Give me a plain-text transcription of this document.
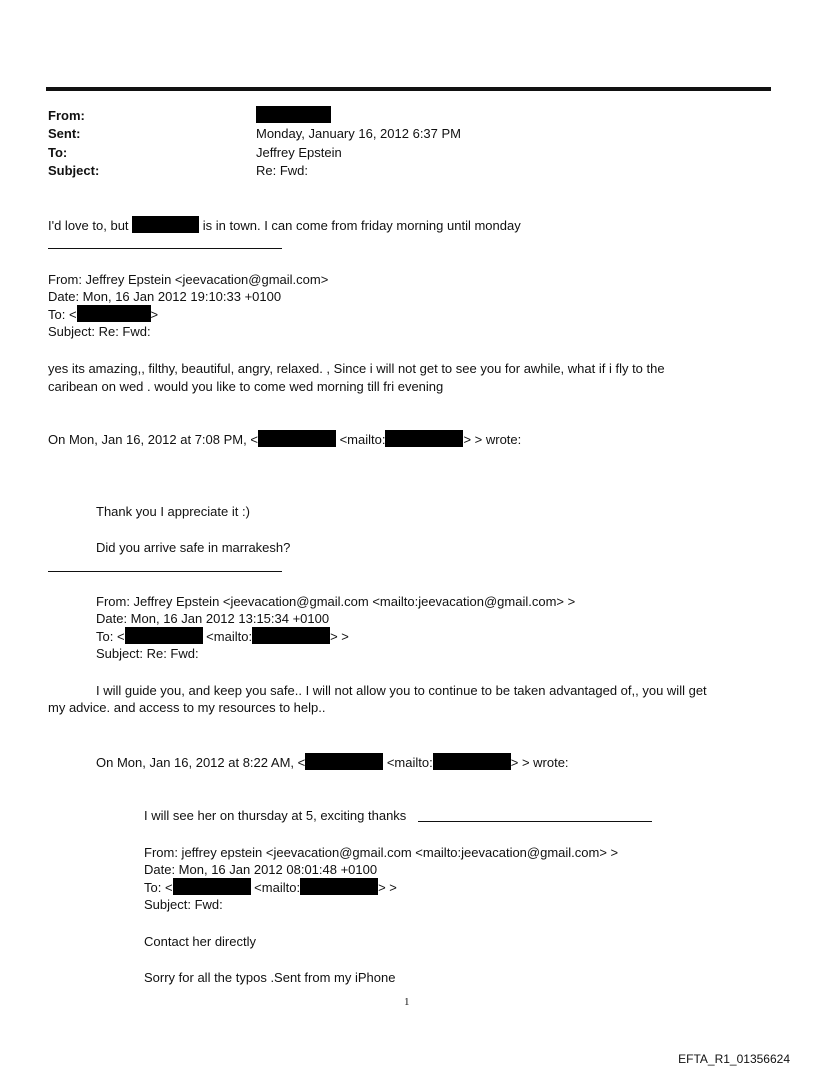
From:
Sent:	Monday, January 16, 2012 6:37 PM
To:	Jeffrey Epstein
Subject:	Re: Fwd:
I'd love to, but	is in town. I can come from friday morning until monday
From: Jeffrey Epstein <jeevacation@gmail.com>
Date: Mon, 16 Jan 2012 19:10:33 +0100
To: <	>
Subject: Re: Fwd:
yes its amazing,, filthy, beautiful, angry, relaxed. , Since i will not get to see you for awhile, what if i fly to the
caribean on wed . would you like to come wed morning till fri evening
On Mon, Jan 16, 2012 at 7:08 PM, <	<mailto:	> > wrote:
Thank you I appreciate it :)
Did you arrive safe in marrakesh?
From: Jeffrey Epstein <jeevacation@gmail.com <mailto:jeevacation@gmail.com> >
Date: Mon, 16 Jan 2012 13:15:34 +0100
To: <	<mailto:	> >
Subject: Re: Fwd:
I will guide you, and keep you safe.. I will not allow you to continue to be taken advantaged of,, you will get
my advice. and access to my resources to help..
On Mon, Jan 16, 2012 at 8:22 AM, <	<mailto:	> > wrote:
I will see her on thursday at 5, exciting thanks
From: jeffrey epstein <jeevacation@gmail.com <mailto:jeevacation@gmail.com> >
Date: Mon, 16 Jan 2012 08:01:48 +0100
To: <	<mailto:	> >
Subject: Fwd:
Contact her directly
Sorry for all the typos .Sent from my iPhone
1
EFTA_R1_01356624
